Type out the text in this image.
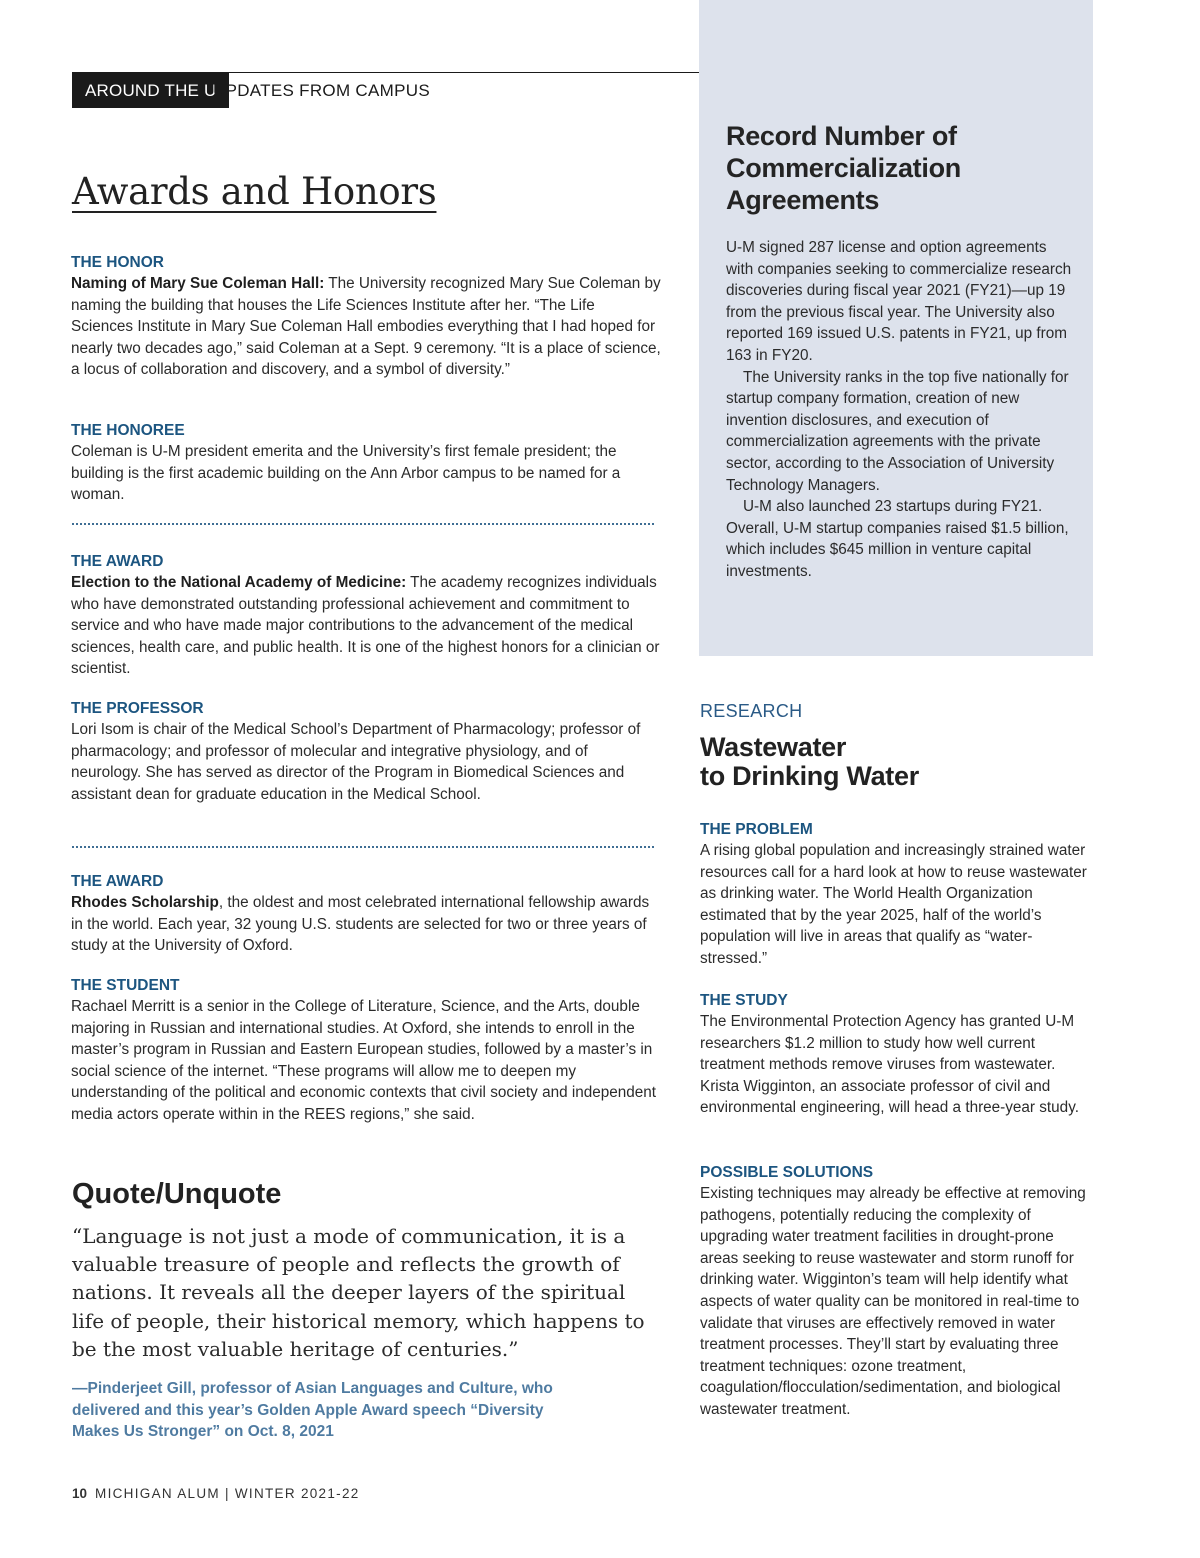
AROUND THE U
UPDATES FROM CAMPUS
Awards and Honors

THE HONOR

Naming of Mary Sue Coleman Hall: The University recognized Mary Sue Coleman by naming the building that houses the Life Sciences Institute after her. “The Life Sciences Institute in Mary Sue Coleman Hall embodies everything that I had hoped for nearly two decades ago,” said Coleman at a Sept. 9 ceremony. “It is a place of science, a locus of collaboration and discovery, and a symbol of diversity.”

THE HONOREE

Coleman is U-M president emerita and the University’s first female president; the building is the first academic building on the Ann Arbor campus to be named for a woman.

THE AWARD

Election to the National Academy of Medicine: The academy recognizes individuals who have demonstrated outstanding professional achievement and commitment to service and who have made major contributions to the advancement of the medical sciences, health care, and public health. It is one of the highest honors for a clinician or scientist.

THE PROFESSOR

Lori Isom is chair of the Medical School’s Department of Pharmacology; professor of pharmacology; and professor of molecular and integrative physiology, and of neurology. She has served as director of the Program in Biomedical Sciences and assistant dean for graduate education in the Medical School.

THE AWARD

Rhodes Scholarship, the oldest and most celebrated international fellowship awards in the world. Each year, 32 young U.S. students are selected for two or three years of study at the University of Oxford.

THE STUDENT

Rachael Merritt is a senior in the College of Literature, Science, and the Arts, double majoring in Russian and international studies. At Oxford, she intends to enroll in the master’s program in Russian and Eastern European studies, followed by a master’s in social science of the internet. “These programs will allow me to deepen my understanding of the political and economic contexts that civil society and independent media actors operate within in the REES regions,” she said.

Quote/Unquote

“Language is not just a mode of communication, it is a valuable treasure of people and reflects the growth of nations. It reveals all the deeper layers of the spiritual life of people, their historical memory, which happens to be the most valuable heritage of centuries.”

—Pinderjeet Gill, professor of Asian Languages and Culture, who delivered and this year’s Golden Apple Award speech “Diversity Makes Us Stronger” on Oct. 8, 2021

10 MICHIGAN ALUM | WINTER 2021-22
Record Number of Commercialization Agreements

U-M signed 287 license and option agreements with companies seeking to commercialize research discoveries during fiscal year 2021 (FY21)—up 19 from the previous fiscal year. The University also reported 169 issued U.S. patents in FY21, up from 163 in FY20.

The University ranks in the top five nationally for startup company formation, creation of new invention disclosures, and execution of commercialization agreements with the private sector, according to the Association of University Technology Managers.

U-M also launched 23 startups during FY21. Overall, U-M startup companies raised $1.5 billion, which includes $645 million in venture capital investments.

RESEARCH
Wastewater
to Drinking Water

THE PROBLEM

A rising global population and increasingly strained water resources call for a hard look at how to reuse wastewater as drinking water. The World Health Organization estimated that by the year 2025, half of the world’s population will live in areas that qualify as “water-stressed.”

THE STUDY

The Environmental Protection Agency has granted U-M researchers $1.2 million to study how well current treatment methods remove viruses from wastewater. Krista Wigginton, an associate professor of civil and environmental engineering, will head a three-year study.

POSSIBLE SOLUTIONS

Existing techniques may already be effective at removing pathogens, potentially reducing the complexity of upgrading water treatment facilities in drought-prone areas seeking to reuse wastewater and storm runoff for drinking water. Wigginton’s team will help identify what aspects of water quality can be monitored in real-time to validate that viruses are effectively removed in water treatment processes. They’ll start by evaluating three treatment techniques: ozone treatment, coagulation/flocculation/sedimentation, and biological wastewater treatment.
